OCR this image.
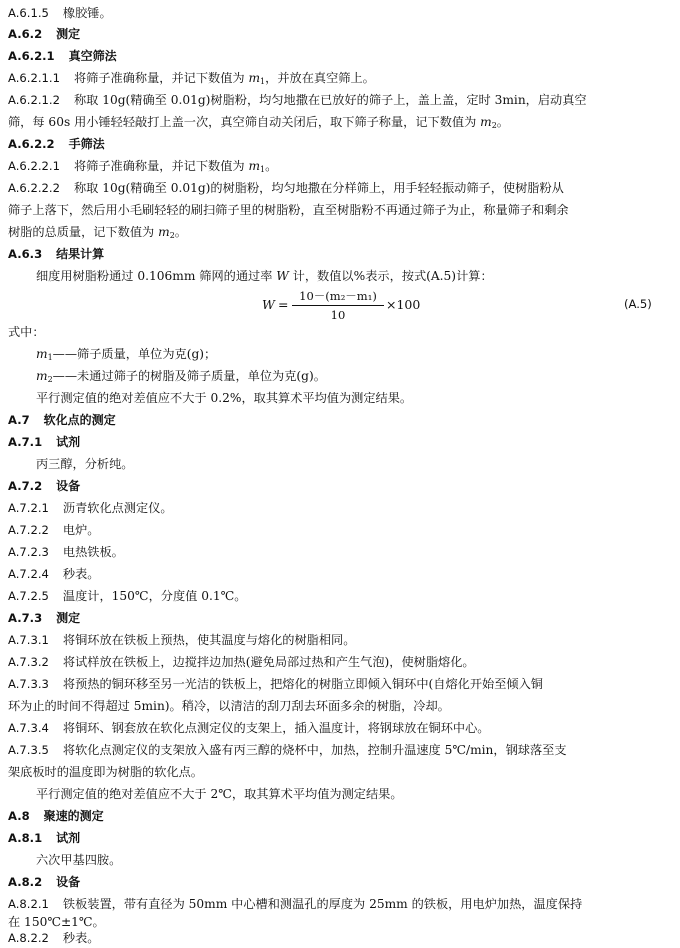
A.6.1.5 橡胶锤。
A.6.2 测定
A.6.2.1 真空筛法
A.6.2.1.1 将筛子准确称量，并记下数值为 $m_1$，并放在真空筛上。
A.6.2.1.2 称取 10g(精确至 0.01g)树脂粉，均匀地撒在已放好的筛子上，盖上盖，定时 3min，启动真空
筛，每 60s 用小锤轻轻敲打上盖一次，真空筛自动关闭后，取下筛子称量，记下数值为 $m_2$。
A.6.2.2 手筛法
A.6.2.2.1 将筛子准确称量，并记下数值为 $m_1$。
A.6.2.2.2 称取 10g(精确至 0.01g)的树脂粉，均匀地撒在分样筛上，用手轻轻振动筛子，使树脂粉从
筛子上落下，然后用小毛刷轻轻的刷扫筛子里的树脂粉，直至树脂粉不再通过筛子为止，称量筛子和剩余
树脂的总质量，记下数值为 $m_2$。
A.6.3 结果计算
细度用树脂粉通过 0.106mm 筛网的通过率 W 计，数值以%表示，按式(A.5)计算：
W =
10－(m₂－m₁)
10
×100	(A.5)
式中：
$m_1——$筛子质量，单位为克(g)；
$m_2——$未通过筛子的树脂及筛子质量，单位为克(g)。
平行测定值的绝对差值应不大于 0.2%，取其算术平均值为测定结果。
A.7 软化点的测定
A.7.1 试剂
丙三醇，分析纯。
A.7.2 设备
A.7.2.1 沥青软化点测定仪。
A.7.2.2 电炉。
A.7.2.3 电热铁板。
A.7.2.4 秒表。
A.7.2.5 温度计，150℃，分度值 0.1℃。
A.7.3 测定
A.7.3.1 将铜环放在铁板上预热，使其温度与熔化的树脂相同。
A.7.3.2 将试样放在铁板上，边搅拌边加热(避免局部过热和产生气泡)，使树脂熔化。
A.7.3.3 将预热的铜环移至另一光洁的铁板上，把熔化的树脂立即倾入铜环中(自熔化开始至倾入铜
环为止的时间不得超过 5min)。稍冷，以清洁的刮刀刮去环面多余的树脂，冷却。
A.7.3.4 将铜环、钢套放在软化点测定仪的支架上，插入温度计，将钢球放在铜环中心。
A.7.3.5 将软化点测定仪的支架放入盛有丙三醇的烧杯中，加热，控制升温速度 5℃/min，钢球落至支
架底板时的温度即为树脂的软化点。
平行测定值的绝对差值应不大于 2℃，取其算术平均值为测定结果。
A.8 聚速的测定
A.8.1 试剂
六次甲基四胺。
A.8.2 设备
A.8.2.1 铁板装置，带有直径为 50mm 中心槽和测温孔的厚度为 25mm 的铁板，用电炉加热，温度保持
在 150℃±1℃。
A.8.2.2 秒表。
